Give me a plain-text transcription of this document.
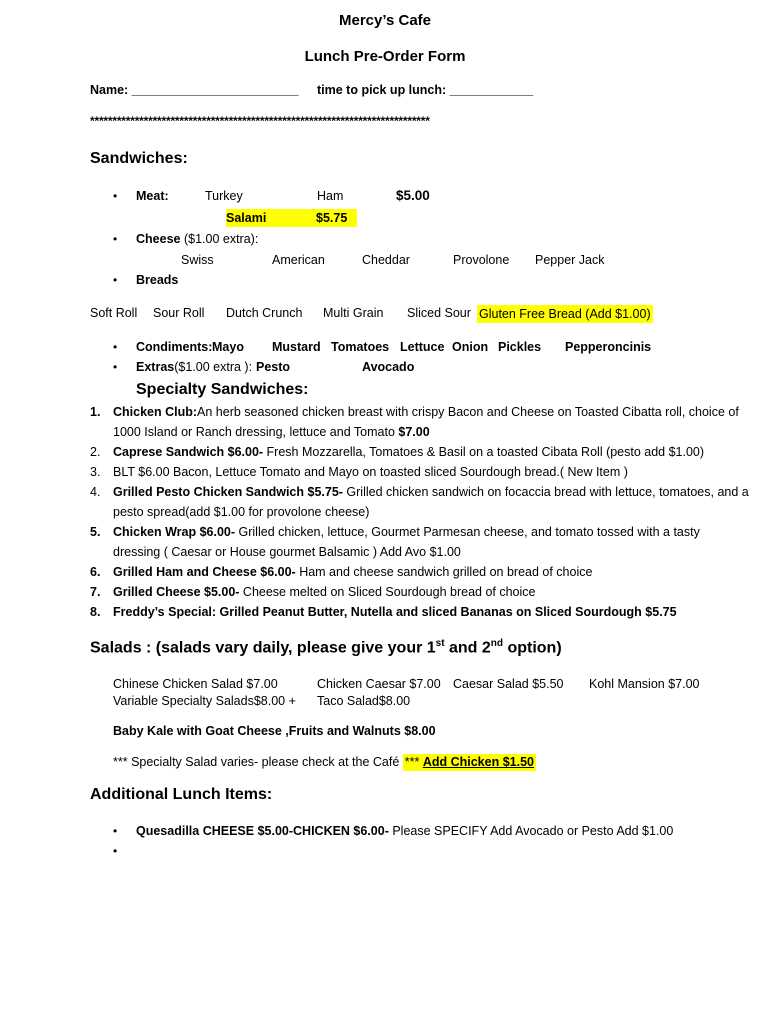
Mercy’s Cafe
Lunch Pre-Order Form
Name: ________________________ time to pick up lunch: ____________
****************************************************************************
Sandwiches:
• Meat:	Turkey	Ham	$5.00
Salami	$5.75
• Cheese ($1.00 extra):
Swiss	American	Cheddar	Provolone Pepper Jack
• Breads
Soft Roll Sour Roll Dutch Crunch Multi Grain Sliced Sour Gluten Free Bread (Add $1.00)
• Condiments: Mayo Mustard Tomatoes Lettuce Onion Pickles Pepperoncinis
• Extras($1.00 extra ): Pesto	Avocado
Specialty Sandwiches:
1. Chicken Club:An herb seasoned chicken breast with crispy Bacon and Cheese on Toasted Cibatta roll, choice of 1000 Island or Ranch dressing, lettuce and Tomato $7.00
2. Caprese Sandwich $6.00- Fresh Mozzarella, Tomatoes & Basil on a toasted Cibata Roll (pesto add $1.00)
3. BLT $6.00 Bacon, Lettuce Tomato and Mayo on toasted sliced Sourdough bread.( New Item )
4. Grilled Pesto Chicken Sandwich $5.75- Grilled chicken sandwich on focaccia bread with lettuce, tomatoes, and a pesto spread(add $1.00 for provolone cheese)
5. Chicken Wrap $6.00- Grilled chicken, lettuce, Gourmet Parmesan cheese, and tomato tossed with a tasty dressing ( Caesar or House gourmet Balsamic ) Add Avo $1.00
6. Grilled Ham and Cheese $6.00- Ham and cheese sandwich grilled on bread of choice
7. Grilled Cheese $5.00- Cheese melted on Sliced Sourdough bread of choice
8. Freddy’s Special: Grilled Peanut Butter, Nutella and sliced Bananas on Sliced Sourdough $5.75
Salads : (salads vary daily, please give your 1st and 2nd option)
Chinese Chicken Salad $7.00	Chicken Caesar $7.00 Caesar Salad $5.50 Kohl Mansion $7.00
Variable Specialty Salads$8.00 + Taco Salad$8.00
Baby Kale with Goat Cheese ,Fruits and Walnuts $8.00
*** Specialty Salad varies- please check at the Café *** Add Chicken $1.50
Additional Lunch Items:
• Quesadilla CHEESE $5.00-CHICKEN $6.00- Please SPECIFY Add Avocado or Pesto Add $1.00
•
